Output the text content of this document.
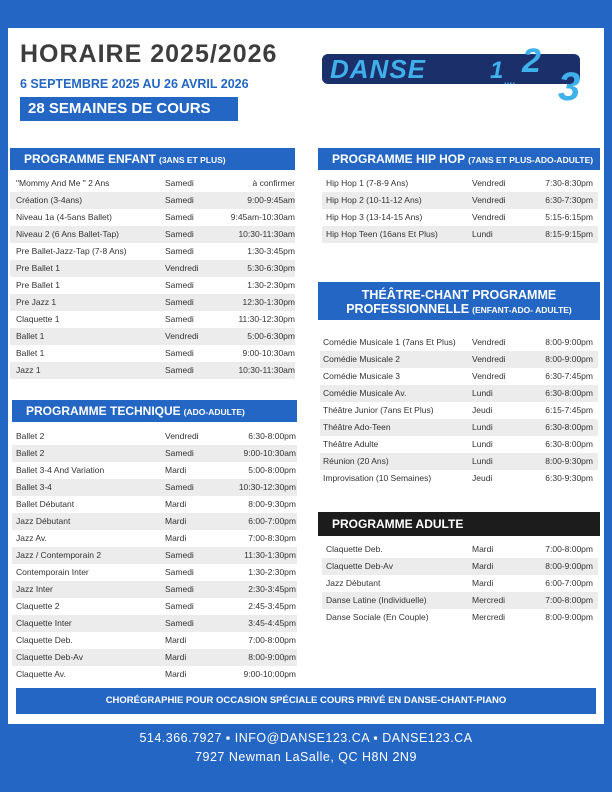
HORAIRE 2025/2026
6 SEPTEMBRE 2025 AU 26 AVRIL 2026
28 SEMAINES DE COURS
DANSE	1 2
3
....
PROGRAMME ENFANT (3ANS ET PLUS)
"Mommy And Me " 2 Ans	Samedi	à confirmer
Création (3-4ans)	Samedi	9:00-9:45am
Niveau 1a (4-5ans Ballet)	Samedi	9:45am-10:30am
Niveau 2 (6 Ans Ballet-Tap)	Samedi	10:30-11:30am
Pre Ballet-Jazz-Tap (7-8 Ans)	Samedi	1:30-3:45pm
Pre Ballet 1	Vendredi	5:30-6:30pm
Pre Ballet 1	Samedi	1:30-2:30pm
Pre Jazz 1	Samedi	12:30-1:30pm
Claquette 1	Samedi	11:30-12:30pm
Ballet 1	Vendredi	5:00-6:30pm
Ballet 1	Samedi	9:00-10:30am
Jazz 1	Samedi	10:30-11:30am
PROGRAMME TECHNIQUE (ADO-ADULTE)
Ballet 2	Vendredi	6:30-8:00pm
Ballet 2	Samedi	9:00-10:30am
Ballet 3-4 And Variation	Mardi	5:00-8:00pm
Ballet 3-4	Samedi	10:30-12:30pm
Ballet Débutant	Mardi	8:00-9:30pm
Jazz Débutant	Mardi	6:00-7:00pm
Jazz Av.	Mardi	7:00-8:30pm
Jazz / Contemporain 2	Samedi	11:30-1:30pm
Contemporain Inter	Samedi	1:30-2:30pm
Jazz Inter	Samedi	2:30-3:45pm
Claquette 2	Samedi	2:45-3:45pm
Claquette Inter	Samedi	3:45-4:45pm
Claquette Deb.	Mardi	7:00-8:00pm
Claquette Deb-Av	Mardi	8:00-9:00pm
Claquette Av.	Mardi	9:00-10:00pm
PROGRAMME HIP HOP (7ANS ET PLUS-ADO-ADULTE)
Hip Hop 1 (7-8-9 Ans)	Vendredi	7:30-8:30pm
Hip Hop 2 (10-11-12 Ans)	Vendredi	6:30-7:30pm
Hip Hop 3 (13-14-15 Ans)	Vendredi	5:15-6:15pm
Hip Hop Teen (16ans Et Plus)	Lundi	8:15-9:15pm
THÉÂTRE-CHANT PROGRAMME
PROFESSIONNELLE (ENFANT-ADO- ADULTE)
Comédie Musicale 1 (7ans Et Plus) Vendredi	8:00-9:00pm
Comédie Musicale 2	Vendredi	8:00-9:00pm
Comédie Musicale 3	Vendredi	6:30-7:45pm
Comédie Musicale Av.	Lundi	6:30-8:00pm
Théâtre Junior (7ans Et Plus)	Jeudi	6:15-7:45pm
Théâtre Ado-Teen	Lundi	6:30-8:00pm
Théâtre Adulte	Lundi	6:30-8:00pm
Réunion (20 Ans)	Lundi	8:00-9:30pm
Improvisation (10 Semaines)	Jeudi	6:30-9:30pm
PROGRAMME ADULTE
Claquette Deb.	Mardi	7:00-8:00pm
Claquette Deb-Av	Mardi	8:00-9:00pm
Jazz Débutant	Mardi	6:00-7:00pm
Danse Latine (Individuelle)	Mercredi	7:00-8:00pm
Danse Sociale (En Couple)	Mercredi	8:00-9:00pm
CHORÉGRAPHIE POUR OCCASION SPÉCIALE COURS PRIVÉ EN DANSE-CHANT-PIANO
514.366.7927 ▪ INFO@DANSE123.CA ▪ DANSE123.CA
7927 Newman LaSalle, QC H8N 2N9
